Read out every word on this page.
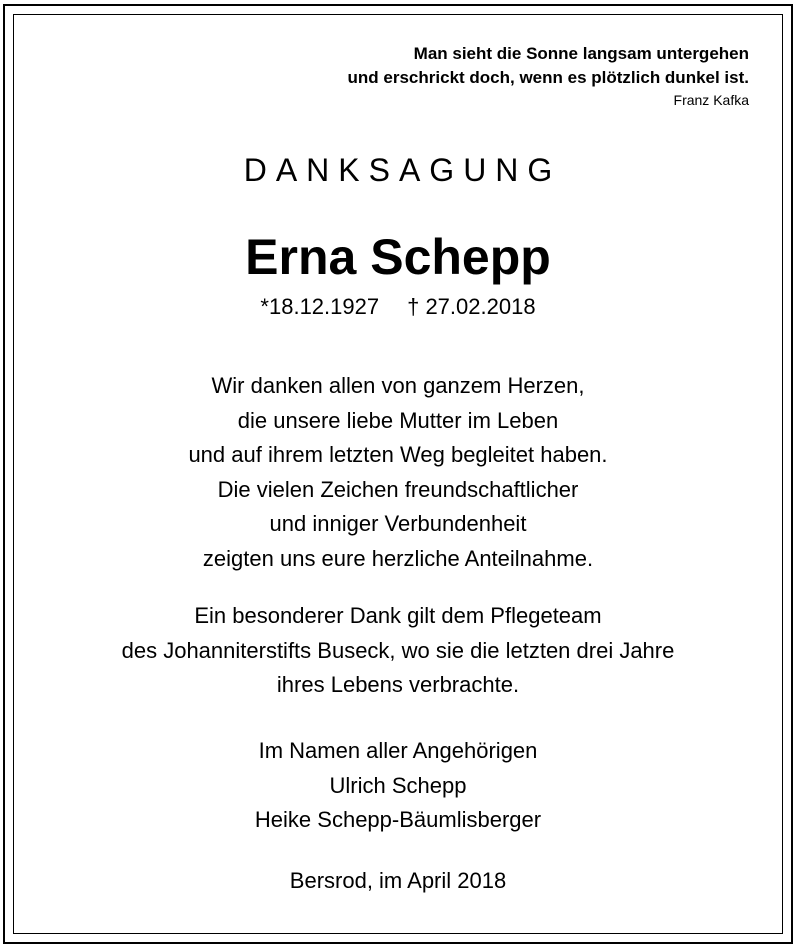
Man sieht die Sonne langsam untergehen
und erschrickt doch, wenn es plötzlich dunkel ist.
Franz Kafka
DANKSAGUNG
Erna Schepp
*18.12.1927 † 27.02.2018
Wir danken allen von ganzem Herzen,
die unsere liebe Mutter im Leben
und auf ihrem letzten Weg begleitet haben.
Die vielen Zeichen freundschaftlicher
und inniger Verbundenheit
zeigten uns eure herzliche Anteilnahme.
Ein besonderer Dank gilt dem Pflegeteam
des Johanniterstifts Buseck, wo sie die letzten drei Jahre
ihres Lebens verbrachte.
Im Namen aller Angehörigen
Ulrich Schepp
Heike Schepp-Bäumlisberger
Bersrod, im April 2018
